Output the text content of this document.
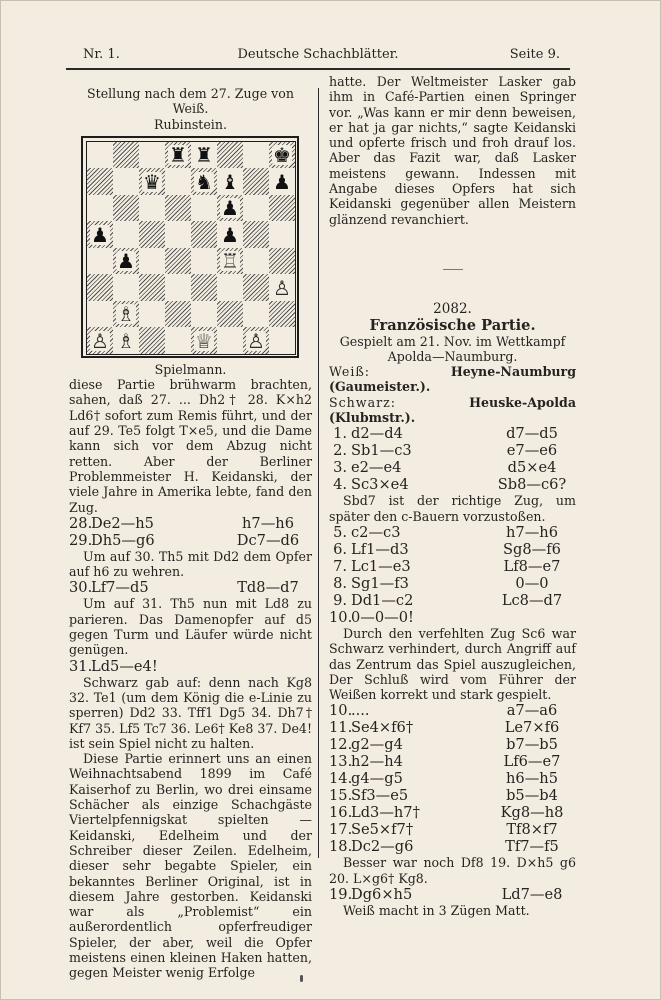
Nr. 1.	Deutsche Schachblätter.	Seite 9.

Stellung nach dem 27. Zuge von Weiß.

Rubinstein.

♜ ♜	♚
♛ ♞ ♝ ♟
♟
♟	♟
♟	♖
♙
♗
♙ ♗	♕ ♙

Spielmann.

diese Partie brühwarm brachten, sahen, daß 27. ... Dh2† 28. K×h2 Ld6† sofort zum Remis führt, und der auf 29. Te5 folgt T×e5, und die Dame kann sich vor dem Abzug nicht retten. Aber der Berliner Problemmeister H. Keidanski, der viele Jahre in Amerika lebte, fand den Zug.

28.
De2—h5	h7—h6
29.
Dh5—g6	Dc7—d6

Um auf 30. Th5 mit Dd2 dem Opfer auf h6 zu wehren.

30.
Lf7—d5	Td8—d7

Um auf 31. Th5 nun mit Ld8 zu parieren. Das Damenopfer auf d5 gegen Turm und Läufer würde nicht genügen.

31.
Ld5—e4!

Schwarz gab auf: denn nach Kg8 32. Te1 (um dem König die e-Linie zu sperren) Dd2 33. Tff1 Dg5 34. Dh7† Kf7 35. Lf5 Tc7 36. Le6† Ke8 37. De4! ist sein Spiel nicht zu halten.

Diese Partie erinnert uns an einen Weihnachtsabend 1899 im Café Kaiserhof zu Berlin, wo drei einsame Schächer als einzige Schachgäste Viertelpfennigskat spielten — Keidanski, Edelheim und der Schreiber dieser Zeilen. Edelheim, dieser sehr begabte Spieler, ein bekanntes Berliner Original, ist in diesem Jahre gestorben. Keidanski war als „Problemist“ ein außerordentlich opferfreudiger Spieler, der aber, weil die Opfer meistens einen kleinen Haken hatten, gegen Meister wenig Erfolge

hatte. Der Weltmeister Lasker gab ihm in Café-Partien einen Springer vor. „Was kann er mir denn beweisen, er hat ja gar nichts,“ sagte Keidanski und opferte frisch und froh drauf los. Aber das Fazit war, daß Lasker meistens gewann. Indessen mit Angabe dieses Opfers hat sich Keidanski gegenüber allen Meistern glänzend revanchiert.

2082.
Französische Partie.

Gespielt am 21. Nov. im Wettkampf Apolda—Naumburg.

Weiß:	Heyne-Naumburg (Gaumeister.).

Schwarz:	Heuske-Apolda (Klubmstr.).

1. d2—d4	d7—d5
2. Sb1—c3	e7—e6
3. e2—e4	d5×e4
4. Sc3×e4	Sb8—c6?

Sbd7 ist der richtige Zug, um später den c-Bauern vorzustoßen.

5. c2—c3	h7—h6
6. Lf1—d3	Sg8—f6
7. Lc1—e3	Lf8—e7
8. Sg1—f3	0—0
9. Dd1—c2	Lc8—d7
10.
0—0—0!

Durch den verfehlten Zug Sc6 war Schwarz verhindert, durch Angriff auf das Zentrum das Spiel auszugleichen, Der Schluß wird vom Führer der Weißen korrekt und stark gespielt.

10.
....	a7—a6
11.
Se4×f6†	Le7×f6
12.
g2—g4	b7—b5
13.
h2—h4	Lf6—e7
14.
g4—g5	h6—h5
15.
Sf3—e5	b5—b4
16.
Ld3—h7†	Kg8—h8
17.
Se5×f7†	Tf8×f7
18.
Dc2—g6	Tf7—f5

Besser war noch Df8 19. D×h5 g6 20. L×g6† Kg8.

19.
Dg6×h5	Ld7—e8

Weiß macht in 3 Zügen Matt.
